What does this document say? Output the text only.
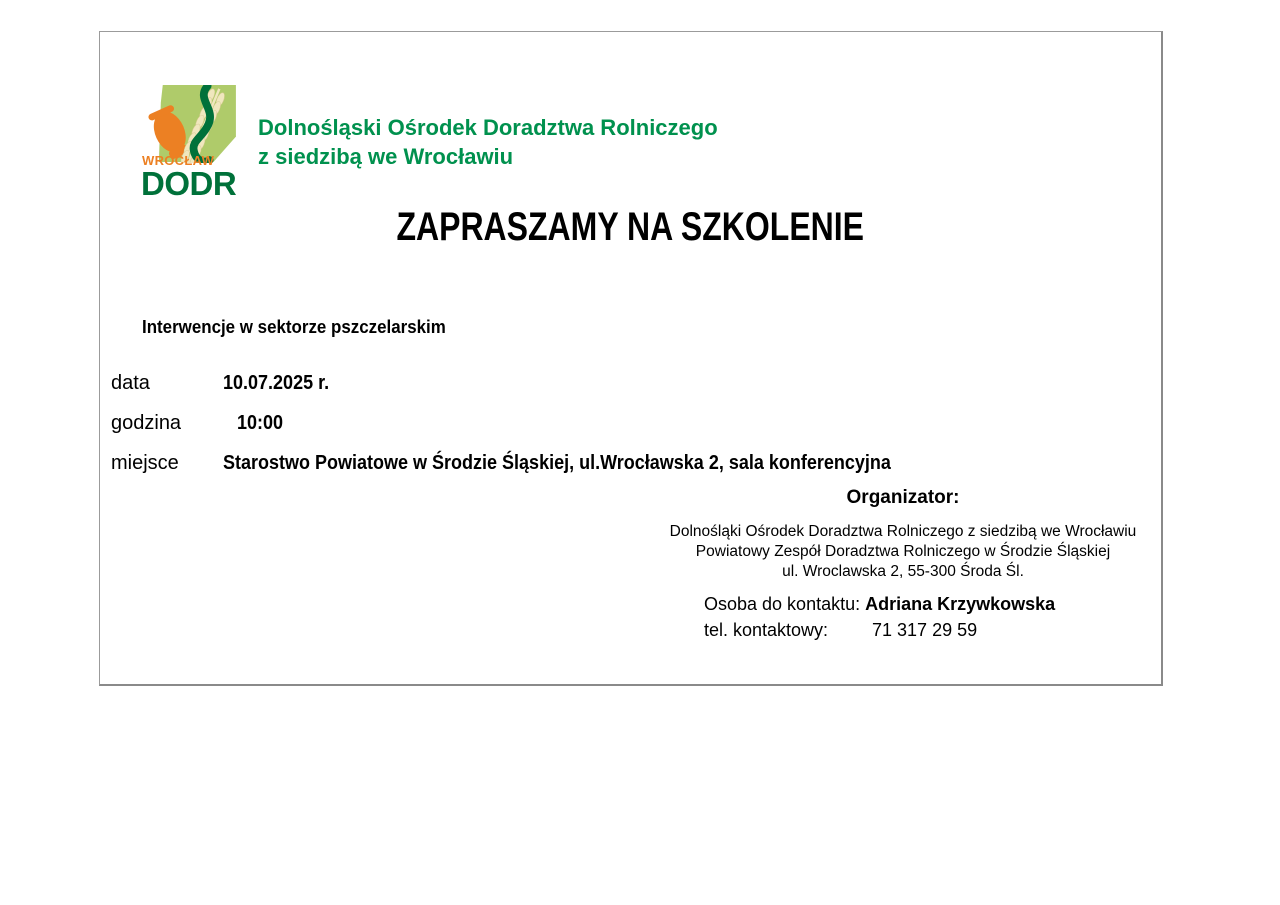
WROCŁAW
DODR
Dolnośląski Ośrodek Doradztwa Rolniczego
z siedzibą we Wrocławiu
ZAPRASZAMY NA SZKOLENIE
Interwencje w sektorze pszczelarskim
data	10.07.2025 r.
godzina	10:00
miejsce Starostwo Powiatowe w Środzie Śląskiej, ul.Wrocławska 2, sala konferencyjna
Organizator:
Dolnośląki Ośrodek Doradztwa Rolniczego z siedzibą we Wrocławiu
Powiatowy Zespół Doradztwa Rolniczego w Środzie Śląskiej
ul. Wroclawska 2, 55-300 Środa Śl.
Osoba do kontaktu: Adriana Krzywkowska
tel. kontaktowy: 71 317 29 59
